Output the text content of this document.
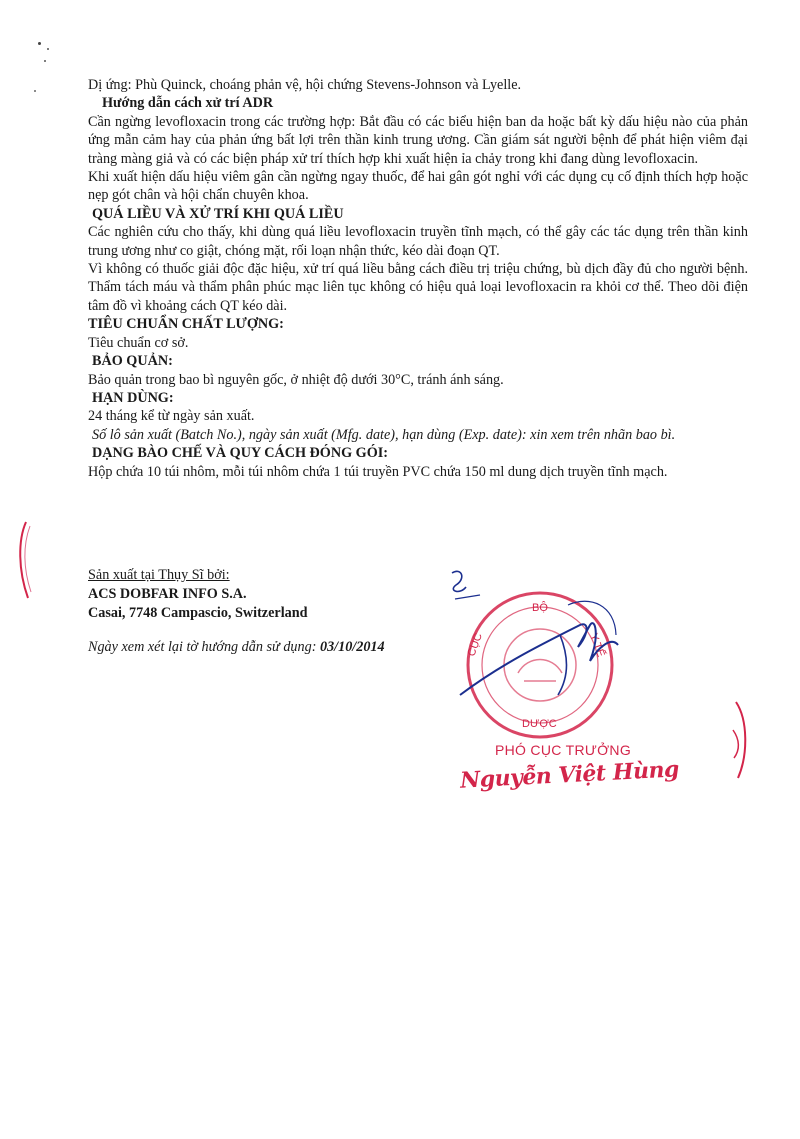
Dị ứng: Phù Quinck, choáng phản vệ, hội chứng Stevens-Johnson và Lyelle.

Hướng dẫn cách xử trí ADR

Cần ngừng levofloxacin trong các trường hợp: Bắt đầu có các biểu hiện ban da hoặc bất kỳ dấu hiệu nào của phản ứng mẫn cảm hay của phản ứng bất lợi trên thần kinh trung ương. Cần giám sát người bệnh để phát hiện viêm đại tràng màng giả và có các biện pháp xử trí thích hợp khi xuất hiện ỉa chảy trong khi đang dùng levofloxacin.

Khi xuất hiện dấu hiệu viêm gân cần ngừng ngay thuốc, để hai gân gót nghỉ với các dụng cụ cố định thích hợp hoặc nẹp gót chân và hội chẩn chuyên khoa.

QUÁ LIỀU VÀ XỬ TRÍ KHI QUÁ LIỀU

Các nghiên cứu cho thấy, khi dùng quá liều levofloxacin truyền tĩnh mạch, có thể gây các tác dụng trên thần kinh trung ương như co giật, chóng mặt, rối loạn nhận thức, kéo dài đoạn QT.

Vì không có thuốc giải độc đặc hiệu, xử trí quá liều bằng cách điều trị triệu chứng, bù dịch đầy đủ cho người bệnh. Thẩm tách máu và thẩm phân phúc mạc liên tục không có hiệu quả loại levofloxacin ra khỏi cơ thể. Theo dõi điện tâm đồ vì khoảng cách QT kéo dài.

TIÊU CHUẨN CHẤT LƯỢNG:

Tiêu chuẩn cơ sở.

BẢO QUẢN:

Bảo quản trong bao bì nguyên gốc, ở nhiệt độ dưới 30°C, tránh ánh sáng.

HẠN DÙNG:

24 tháng kể từ ngày sản xuất.

Số lô sản xuất (Batch No.), ngày sản xuất (Mfg. date), hạn dùng (Exp. date): xin xem trên nhãn bao bì.

DẠNG BÀO CHẾ VÀ QUY CÁCH ĐÓNG GÓI:

Hộp chứa 10 túi nhôm, mỗi túi nhôm chứa 1 túi truyền PVC chứa 150 ml dung dịch truyền tĩnh mạch.

Sản xuất tại Thụy Sĩ bởi:
ACS DOBFAR INFO S.A.
Casai, 7748 Campascio, Switzerland
Ngày xem xét lại tờ hướng dẫn sử dụng: 03/10/2014
BỘ
CỤC	Y TẾ
DƯỢC
PHÓ CỤC TRƯỞNG
Nguyễn Việt Hùng
